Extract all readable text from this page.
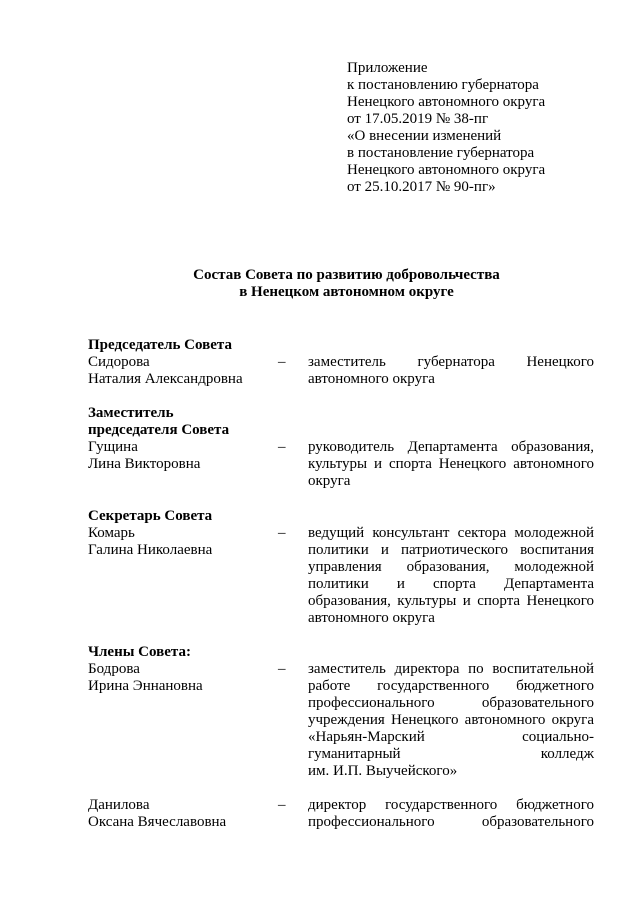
Приложение
к постановлению губернатора
Ненецкого автономного округа
от 17.05.2019 № 38-пг
«О внесении изменений
в постановление губернатора
Ненецкого автономного округа
от 25.10.2017 № 90-пг»
Состав Совета по развитию добровольчества
в Ненецком автономном округе
Председатель Совета
Сидорова
Наталия Александровна
–	заместитель губернатора Ненецкого
автономного округа
Заместитель
председателя Совета
Гущина
Лина Викторовна
–	руководитель Департамента образования,
культуры и спорта Ненецкого автономного
округа
Секретарь Совета
Комарь
Галина Николаевна
–	ведущий консультант сектора молодежной
политики и патриотического воспитания
управления образования, молодежной
политики и спорта Департамента
образования, культуры и спорта Ненецкого
автономного округа
Члены Совета:
Бодрова
Ирина Эннановна
–	заместитель директора по воспитательной
работе государственного бюджетного
профессионального образовательного
учреждения Ненецкого автономного округа
«Нарьян-Марский социально-
гуманитарный колледж
им. И.П. Выучейского»
Данилова
Оксана Вячеславовна
–	директор государственного бюджетного
профессионального образовательного
